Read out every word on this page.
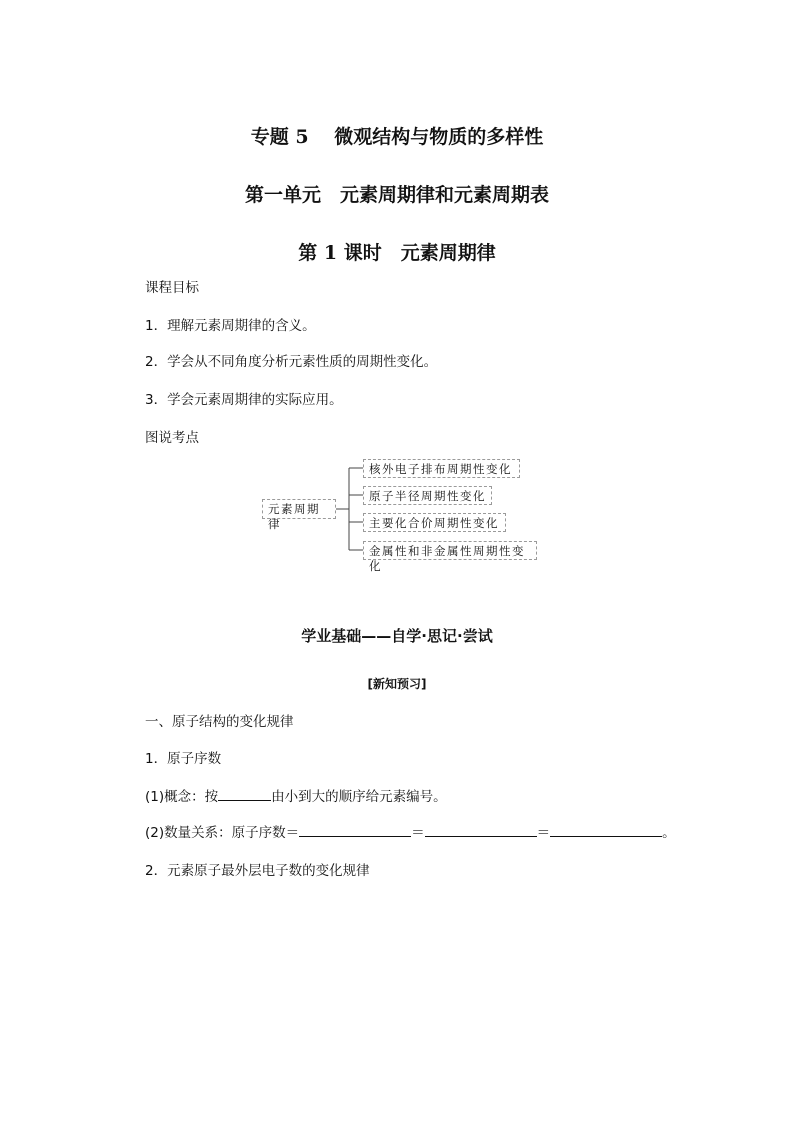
专题 5　 微观结构与物质的多样性
第一单元　元素周期律和元素周期表
第 1 课时　元素周期律
课程目标
1．理解元素周期律的含义。
2．学会从不同角度分析元素性质的周期性变化。
3．学会元素周期律的实际应用。
图说考点
元素周期律
核外电子排布周期性变化
原子半径周期性变化
主要化合价周期性变化
金属性和非金属性周期性变化
学业基础——自学·思记·尝试
[新知预习]
一、原子结构的变化规律
1．原子序数
(1)概念：按	由小到大的顺序给元素编号。
(2)数量关系：原子序数＝	＝	＝	。
2．元素原子最外层电子数的变化规律
